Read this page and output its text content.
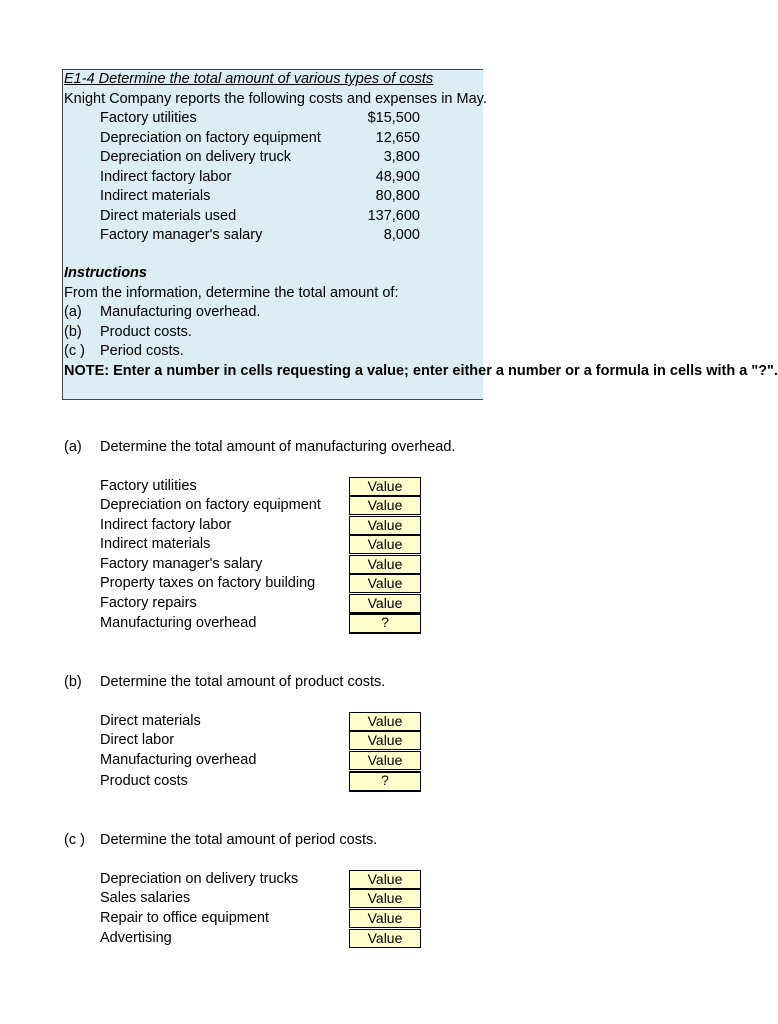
E1-4 Determine the total amount of various types of costs
Knight Company reports the following costs and expenses in May.
Factory utilities	$15,500
Depreciation on factory equipment	12,650
Depreciation on delivery truck	3,800
Indirect factory labor	48,900
Indirect materials	80,800
Direct materials used	137,600
Factory manager's salary	8,000
Instructions
From the information, determine the total amount of:
(a) Manufacturing overhead.
(b) Product costs.
(c ) Period costs.
NOTE: Enter a number in cells requesting a value; enter either a number or a formula in cells with a "?".
(a) Determine the total amount of manufacturing overhead.
Factory utilities	Value
Depreciation on factory equipment	Value
Indirect factory labor	Value
Indirect materials	Value
Factory manager's salary	Value
Property taxes on factory building	Value
Factory repairs	Value
Manufacturing overhead	?
(b) Determine the total amount of product costs.
Direct materials	Value
Direct labor	Value
Manufacturing overhead	Value
Product costs	?
(c ) Determine the total amount of period costs.
Depreciation on delivery trucks	Value
Sales salaries	Value
Repair to office equipment	Value
Advertising	Value
